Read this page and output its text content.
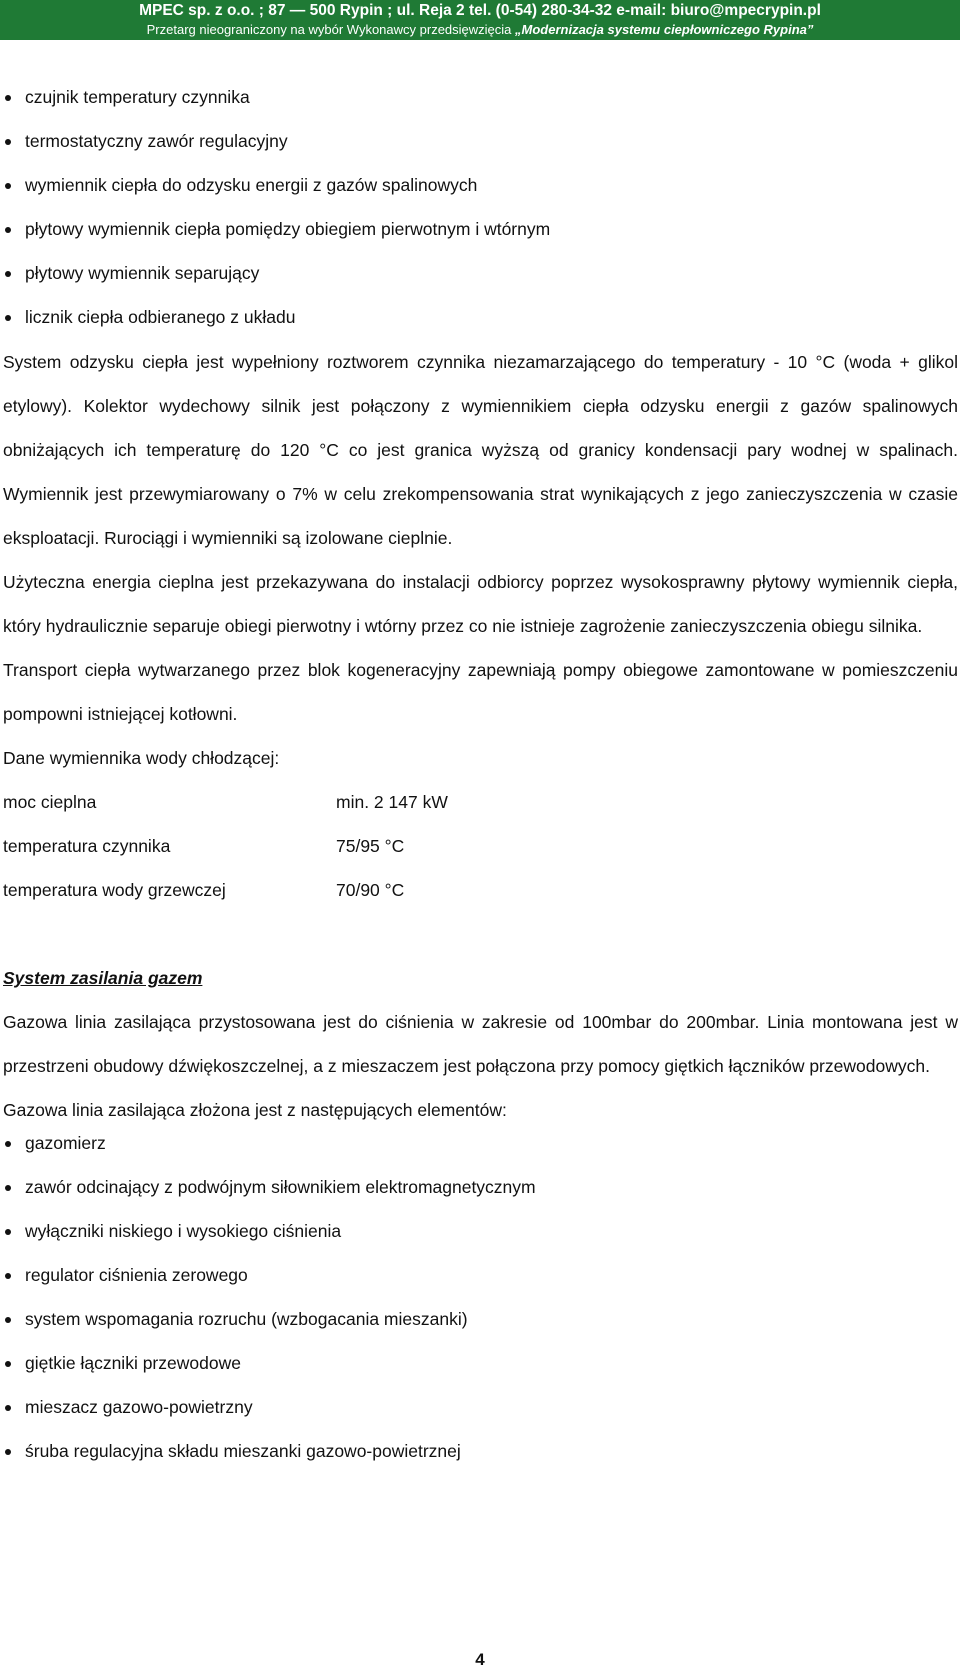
MPEC sp. z o.o. ; 87 — 500 Rypin ; ul. Reja 2 tel. (0-54) 280-34-32 e-mail: biuro@mpecrypin.pl
Przetarg nieograniczony na wybór Wykonawcy przedsięwzięcia „Modernizacja systemu ciepłowniczego Rypina”
czujnik temperatury czynnika
termostatyczny zawór regulacyjny
wymiennik ciepła do odzysku energii z gazów spalinowych
płytowy wymiennik ciepła pomiędzy obiegiem pierwotnym i wtórnym
płytowy wymiennik separujący
licznik ciepła odbieranego z układu

System odzysku ciepła jest wypełniony roztworem czynnika niezamarzającego do temperatury - 10 °C (woda + glikol etylowy). Kolektor wydechowy silnik jest połączony z wymiennikiem ciepła odzysku energii z gazów spalinowych obniżających ich temperaturę do 120 °C co jest granica wyższą od granicy kondensacji pary wodnej w spalinach. Wymiennik jest przewymiarowany o 7% w celu zrekompensowania strat wynikających z jego zanieczyszczenia w czasie eksploatacji. Rurociągi i wymienniki są izolowane cieplnie.

Użyteczna energia cieplna jest przekazywana do instalacji odbiorcy poprzez wysokosprawny płytowy wymiennik ciepła, który hydraulicznie separuje obiegi pierwotny i wtórny przez co nie istnieje zagrożenie zanieczyszczenia obiegu silnika.

Transport ciepła wytwarzanego przez blok kogeneracyjny zapewniają pompy obiegowe zamontowane w pomieszczeniu pompowni istniejącej kotłowni.

Dane wymiennika wody chłodzącej:

moc cieplna	min. 2 147 kW
temperatura czynnika	75/95 °C
temperatura wody grzewczej	70/90 °C
System zasilania gazem

Gazowa linia zasilająca przystosowana jest do ciśnienia w zakresie od 100mbar do 200mbar. Linia montowana jest w przestrzeni obudowy dźwiękoszczelnej, a z mieszaczem jest połączona przy pomocy giętkich łączników przewodowych.

Gazowa linia zasilająca złożona jest z następujących elementów:

gazomierz
zawór odcinający z podwójnym siłownikiem elektromagnetycznym
wyłączniki niskiego i wysokiego ciśnienia
regulator ciśnienia zerowego
system wspomagania rozruchu (wzbogacania mieszanki)
giętkie łączniki przewodowe
mieszacz gazowo-powietrzny
śruba regulacyjna składu mieszanki gazowo-powietrznej
4
